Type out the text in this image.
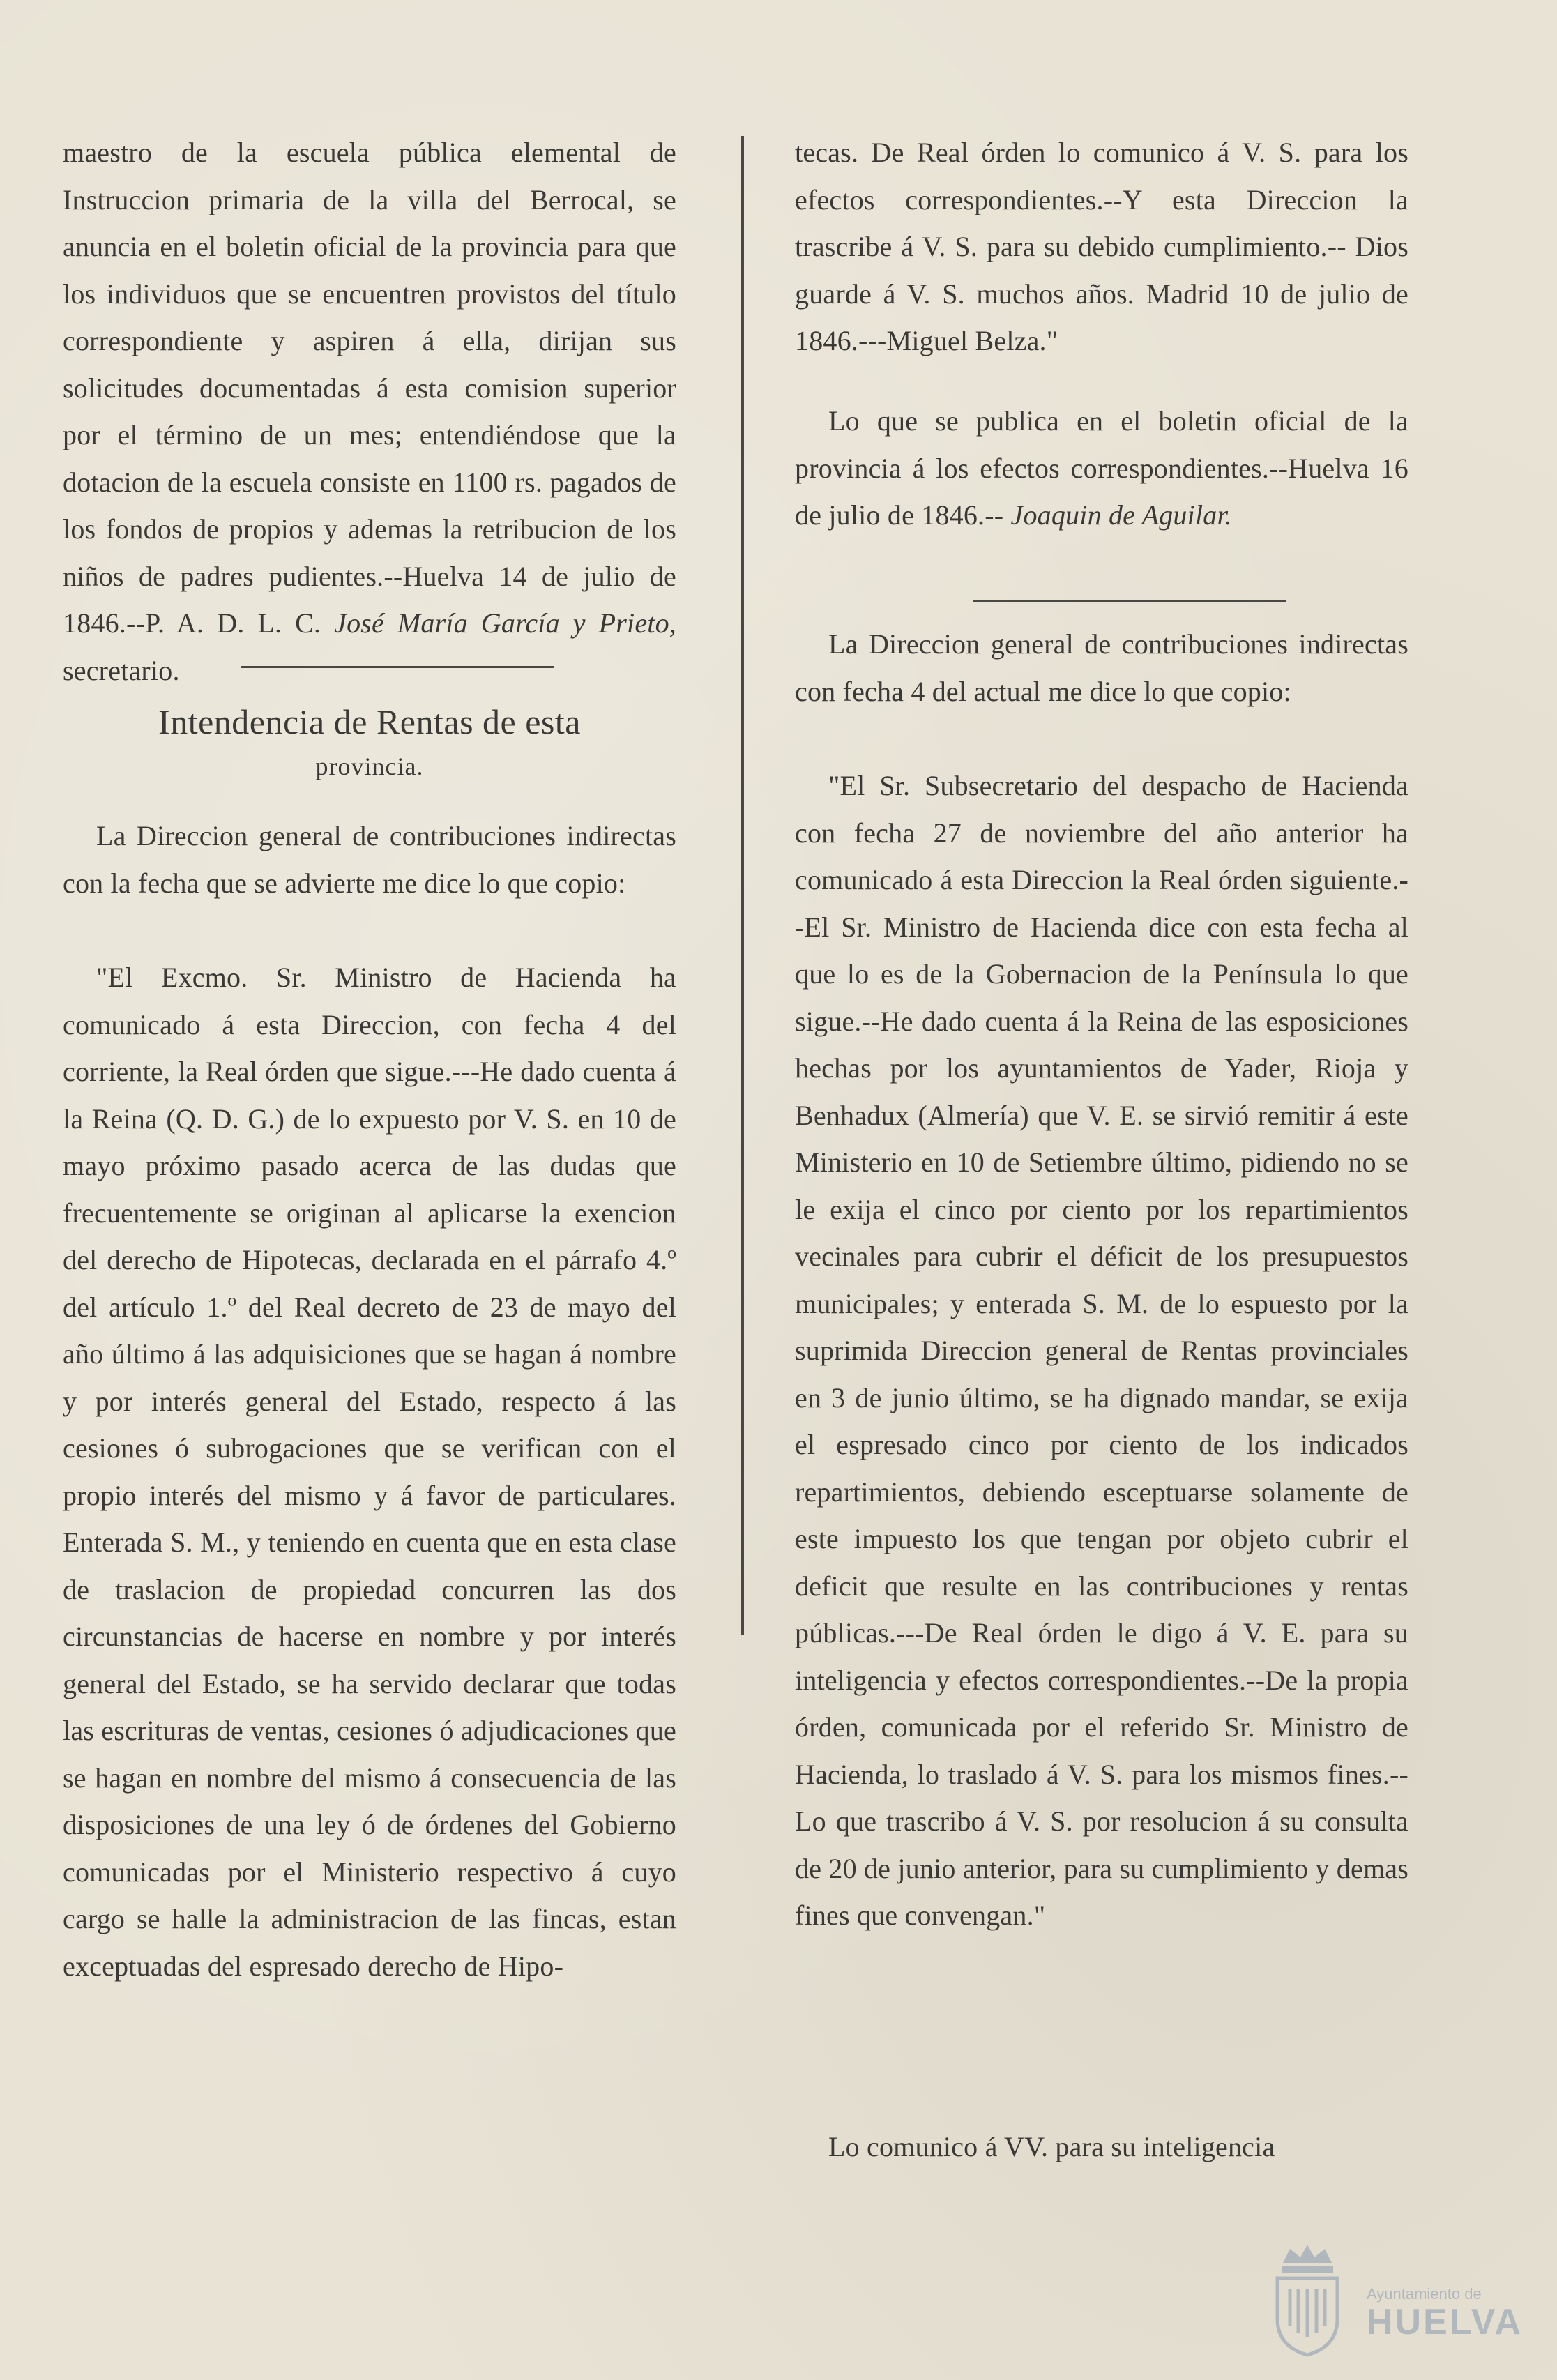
maestro de la escuela pública elemental de Instruccion primaria de la villa del Berrocal, se anuncia en el boletin oficial de la provincia para que los individuos que se encuentren provistos del título correspondiente y aspiren á ella, dirijan sus solicitudes documentadas á esta comision superior por el término de un mes; entendiéndose que la dotacion de la escuela consiste en 1100 rs. pagados de los fondos de propios y ademas la retribucion de los niños de padres pudientes.--Huelva 14 de julio de 1846.--P. A. D. L. C. José María García y Prieto, secretario.

Intendencia de Rentas de esta
provincia.

La Direccion general de contribuciones indirectas con la fecha que se advierte me dice lo que copio:

"El Excmo. Sr. Ministro de Hacienda ha comunicado á esta Direccion, con fecha 4 del corriente, la Real órden que sigue.---He dado cuenta á la Reina (Q. D. G.) de lo expuesto por V. S. en 10 de mayo próximo pasado acerca de las dudas que frecuentemente se originan al aplicarse la exencion del derecho de Hipotecas, declarada en el párrafo 4.º del artículo 1.º del Real decreto de 23 de mayo del año último á las adquisiciones que se hagan á nombre y por interés general del Estado, respecto á las cesiones ó subrogaciones que se verifican con el propio interés del mismo y á favor de particulares. Enterada S. M., y teniendo en cuenta que en esta clase de traslacion de propiedad concurren las dos circunstancias de hacerse en nombre y por interés general del Estado, se ha servido declarar que todas las escrituras de ventas, cesiones ó adjudicaciones que se hagan en nombre del mismo á consecuencia de las disposiciones de una ley ó de órdenes del Gobierno comunicadas por el Ministerio respectivo á cuyo cargo se halle la administracion de las fincas, estan exceptuadas del espresado derecho de Hipo-

tecas. De Real órden lo comunico á V. S. para los efectos correspondientes.--Y esta Direccion la trascribe á V. S. para su debido cumplimiento.-- Dios guarde á V. S. muchos años. Madrid 10 de julio de 1846.---Miguel Belza."

Lo que se publica en el boletin oficial de la provincia á los efectos correspondientes.--Huelva 16 de julio de 1846.-- Joaquin de Aguilar.

La Direccion general de contribuciones indirectas con fecha 4 del actual me dice lo que copio:

"El Sr. Subsecretario del despacho de Hacienda con fecha 27 de noviembre del año anterior ha comunicado á esta Direccion la Real órden siguiente.--El Sr. Ministro de Hacienda dice con esta fecha al que lo es de la Gobernacion de la Península lo que sigue.--He dado cuenta á la Reina de las esposiciones hechas por los ayuntamientos de Yader, Rioja y Benhadux (Almería) que V. E. se sirvió remitir á este Ministerio en 10 de Setiembre último, pidiendo no se le exija el cinco por ciento por los repartimientos vecinales para cubrir el déficit de los presupuestos municipales; y enterada S. M. de lo espuesto por la suprimida Direccion general de Rentas provinciales en 3 de junio último, se ha dignado mandar, se exija el espresado cinco por ciento de los indicados repartimientos, debiendo esceptuarse solamente de este impuesto los que tengan por objeto cubrir el deficit que resulte en las contribuciones y rentas públicas.---De Real órden le digo á V. E. para su inteligencia y efectos correspondientes.--De la propia órden, comunicada por el referido Sr. Ministro de Hacienda, lo traslado á V. S. para los mismos fines.--Lo que trascribo á V. S. por resolucion á su consulta de 20 de junio anterior, para su cumplimiento y demas fines que convengan."

Lo comunico á VV. para su inteligencia

Ayuntamiento de
HUELVA
